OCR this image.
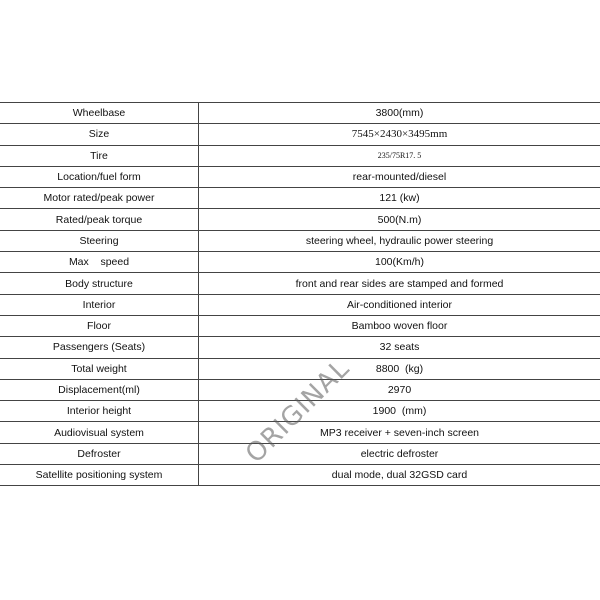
Wheelbase	3800(mm)
Size	7545×2430×3495mm
Tire	235/75R17. 5
Location/fuel form	rear-mounted/diesel
Motor rated/peak power	121 (kw)
Rated/peak torque	500(N.m)
Steering	steering wheel, hydraulic power steering
Max    speed	100(Km/h)
Body structure	front and rear sides are stamped and formed
Interior	Air-conditioned interior
Floor	Bamboo woven floor
Passengers (Seats)	32 seats
Total weight	8800  (kg)
Displacement(ml)	2970
Interior height	1900  (mm)
Audiovisual system	MP3 receiver + seven-inch screen
Defroster	electric defroster
Satellite positioning system	dual mode, dual 32GSD card
ORIGINAL
